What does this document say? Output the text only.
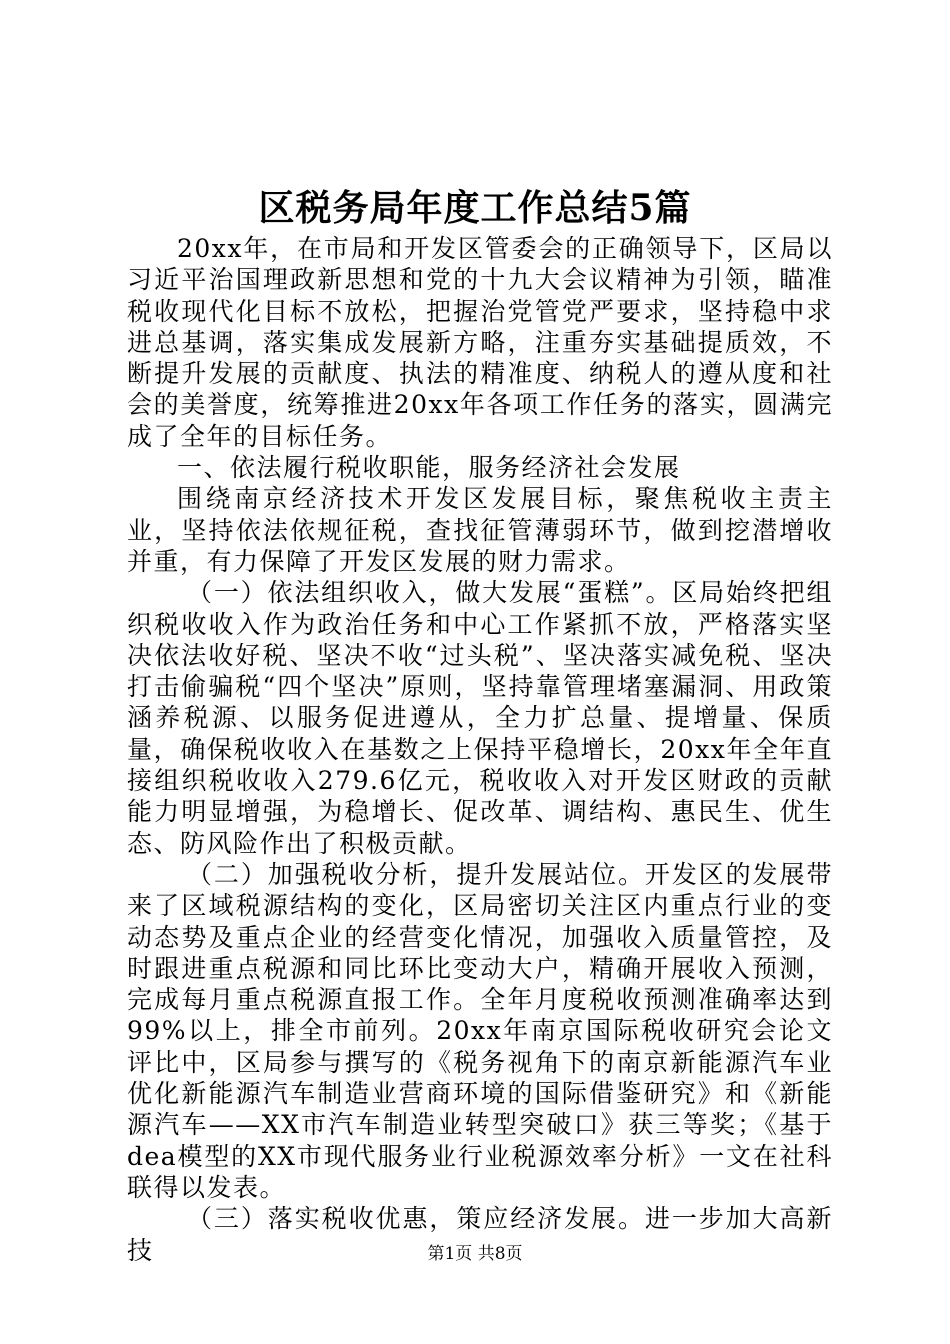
区税务局年度工作总结5篇

20xx年，在市局和开发区管委会的正确领导下，区局以习近平治国理政新思想和党的十九大会议精神为引领，瞄准税收现代化目标不放松，把握治党管党严要求，坚持稳中求进总基调，落实集成发展新方略，注重夯实基础提质效，不断提升发展的贡献度、执法的精准度、纳税人的遵从度和社会的美誉度，统筹推进20xx年各项工作任务的落实，圆满完成了全年的目标任务。

一、依法履行税收职能，服务经济社会发展

围绕南京经济技术开发区发展目标，聚焦税收主责主业，坚持依法依规征税，查找征管薄弱环节，做到挖潜增收并重，有力保障了开发区发展的财力需求。

（一）依法组织收入，做大发展“蛋糕”。区局始终把组织税收收入作为政治任务和中心工作紧抓不放，严格落实坚决依法收好税、坚决不收“过头税”、坚决落实减免税、坚决打击偷骗税“四个坚决”原则，坚持靠管理堵塞漏洞、用政策涵养税源、以服务促进遵从，全力扩总量、提增量、保质量，确保税收收入在基数之上保持平稳增长，20xx年全年直接组织税收收入279.6亿元，税收收入对开发区财政的贡献能力明显增强，为稳增长、促改革、调结构、惠民生、优生态、防风险作出了积极贡献。

（二）加强税收分析，提升发展站位。开发区的发展带来了区域税源结构的变化，区局密切关注区内重点行业的变动态势及重点企业的经营变化情况，加强收入质量管控，及时跟进重点税源和同比环比变动大户，精确开展收入预测，完成每月重点税源直报工作。全年月度税收预测准确率达到99%以上，排全市前列。20xx年南京国际税收研究会论文评比中，区局参与撰写的《税务视角下的南京新能源汽车业优化新能源汽车制造业营商环境的国际借鉴研究》和《新能源汽车——XX市汽车制造业转型突破口》获三等奖；《基于dea模型的XX市现代服务业行业税源效率分析》一文在社科联得以发表。

（三）落实税收优惠，策应经济发展。进一步加大高新技	第1页 共8页
